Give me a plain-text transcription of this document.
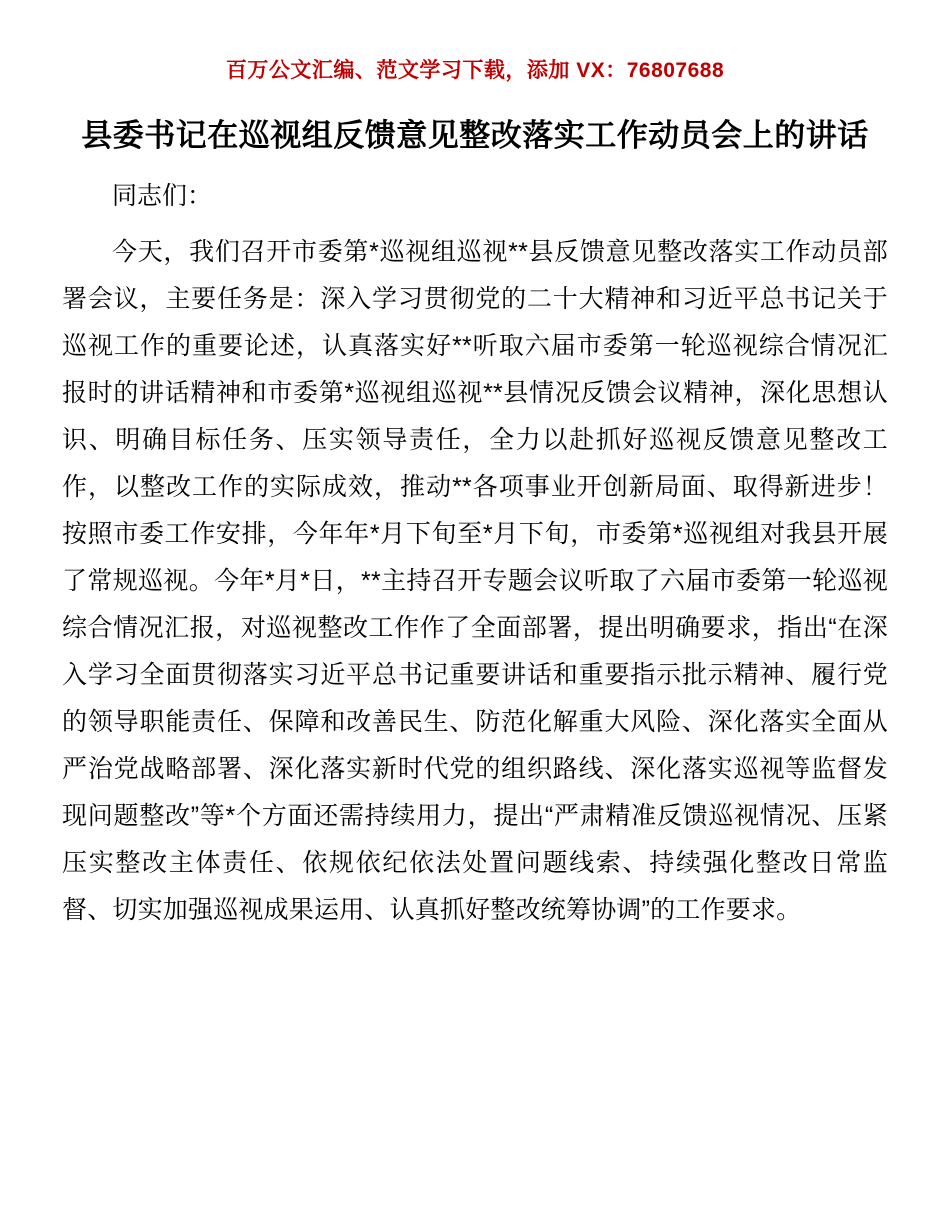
百万公文汇编、范文学习下载，添加 VX：76807688
县委书记在巡视组反馈意见整改落实工作动员会上的讲话

同志们：

今天，我们召开市委第*巡视组巡视**县反馈意见整改落实工作动员部署会议，主要任务是：深入学习贯彻党的二十大精神和习近平总书记关于巡视工作的重要论述，认真落实好**听取六届市委第一轮巡视综合情况汇报时的讲话精神和市委第*巡视组巡视**县情况反馈会议精神，深化思想认识、明确目标任务、压实领导责任，全力以赴抓好巡视反馈意见整改工作，以整改工作的实际成效，推动**各项事业开创新局面、取得新进步！按照市委工作安排，今年年*月下旬至*月下旬，市委第*巡视组对我县开展了常规巡视。今年*月*日，**主持召开专题会议听取了六届市委第一轮巡视综合情况汇报，对巡视整改工作作了全面部署，提出明确要求，指出“在深入学习全面贯彻落实习近平总书记重要讲话和重要指示批示精神、履行党的领导职能责任、保障和改善民生、防范化解重大风险、深化落实全面从严治党战略部署、深化落实新时代党的组织路线、深化落实巡视等监督发现问题整改”等*个方面还需持续用力，提出“严肃精准反馈巡视情况、压紧压实整改主体责任、依规依纪依法处置问题线索、持续强化整改日常监督、切实加强巡视成果运用、认真抓好整改统筹协调”的工作要求。
